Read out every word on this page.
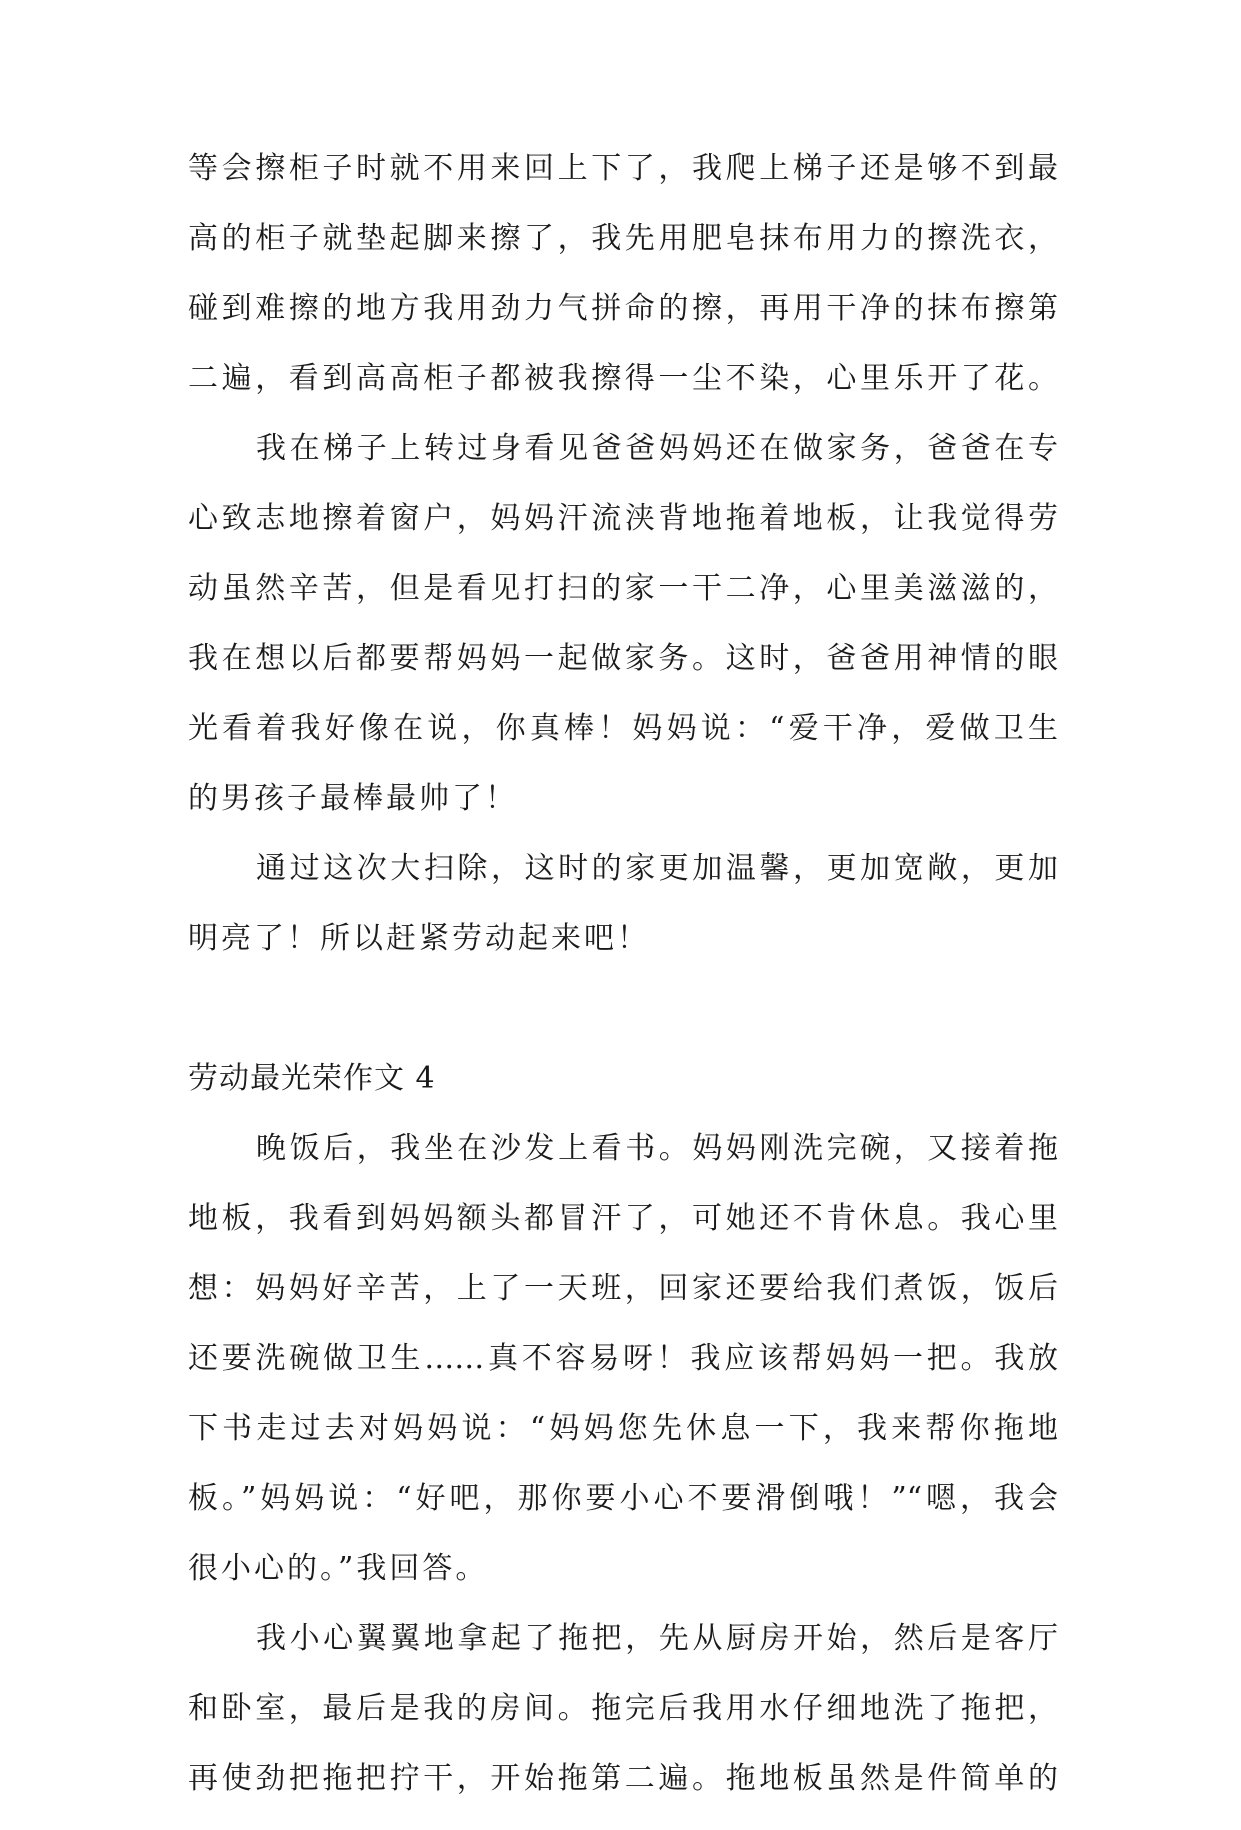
等会擦柜子时就不用来回上下了，我爬上梯子还是够不到最
高的柜子就垫起脚来擦了，我先用肥皂抹布用力的擦洗衣，
碰到难擦的地方我用劲力气拼命的擦，再用干净的抹布擦第
二遍，看到高高柜子都被我擦得一尘不染，心里乐开了花。
我在梯子上转过身看见爸爸妈妈还在做家务，爸爸在专
心致志地擦着窗户，妈妈汗流浃背地拖着地板，让我觉得劳
动虽然辛苦，但是看见打扫的家一干二净，心里美滋滋的，
我在想以后都要帮妈妈一起做家务。这时，爸爸用神情的眼
光看着我好像在说，你真棒！妈妈说：“爱干净，爱做卫生
的男孩子最棒最帅了！
通过这次大扫除，这时的家更加温馨，更加宽敞，更加
明亮了！所以赶紧劳动起来吧！
劳动最光荣作文 4
晚饭后，我坐在沙发上看书。妈妈刚洗完碗，又接着拖
地板，我看到妈妈额头都冒汗了，可她还不肯休息。我心里
想：妈妈好辛苦，上了一天班，回家还要给我们煮饭，饭后
还要洗碗做卫生……真不容易呀！我应该帮妈妈一把。我放
下书走过去对妈妈说：“妈妈您先休息一下，我来帮你拖地
板。”妈妈说：“好吧，那你要小心不要滑倒哦！”“嗯，我会
很小心的。”我回答。
我小心翼翼地拿起了拖把，先从厨房开始，然后是客厅
和卧室，最后是我的房间。拖完后我用水仔细地洗了拖把，
再使劲把拖把拧干，开始拖第二遍。拖地板虽然是件简单的
